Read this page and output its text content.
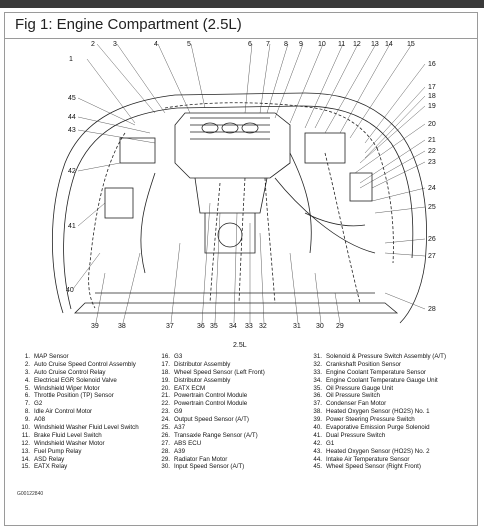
Fig 1: Engine Compartment (2.5L)
1
2	3	4	5	6 7 8 9 10 11 12 13 14 15
16
17
18
19
20
21
22
23
24
25
26
27
28
29
30
31
32
33
34
35
36
37
38
39
40
41
42
43
44
45
2.5L
1. MAP Sensor
2. Auto Cruise Speed Control Assembly
3. Auto Cruise Control Relay
4. Electrical EGR Solenoid Valve
5. Windshield Wiper Motor
6. Throttle Position (TP) Sensor
7. G2
8. Idle Air Control Motor
9. A08
10. Windshield Washer Fluid Level Switch
11. Brake Fluid Level Switch
12. Windshield Washer Motor
13. Fuel Pump Relay
14. ASD Relay
15. EATX Relay
16. G3
17. Distributor Assembly
18. Wheel Speed Sensor (Left Front)
19. Distributor Assembly
20. EATX ECM
21. Powertrain Control Module
22. Powertrain Control Module
23. G9
24. Output Speed Sensor (A/T)
25. A37
26. Transaxle Range Sensor (A/T)
27. ABS ECU
28. A39
29. Radiator Fan Motor
30. Input Speed Sensor (A/T)
31. Solenoid & Pressure Switch Assembly (A/T)
32. Crankshaft Position Sensor
33. Engine Coolant Temperature Sensor
34. Engine Coolant Temperature Gauge Unit
35. Oil Pressure Gauge Unit
36. Oil Pressure Switch
37. Condenser Fan Motor
38. Heated Oxygen Sensor (HO2S) No. 1
39. Power Steering Pressure Switch
40. Evaporative Emission Purge Solenoid
41. Dual Pressure Switch
42. G1
43. Heated Oxygen Sensor (HO2S) No. 2
44. Intake Air Temperature Sensor
45. Wheel Speed Sensor (Right Front)
G00122840
